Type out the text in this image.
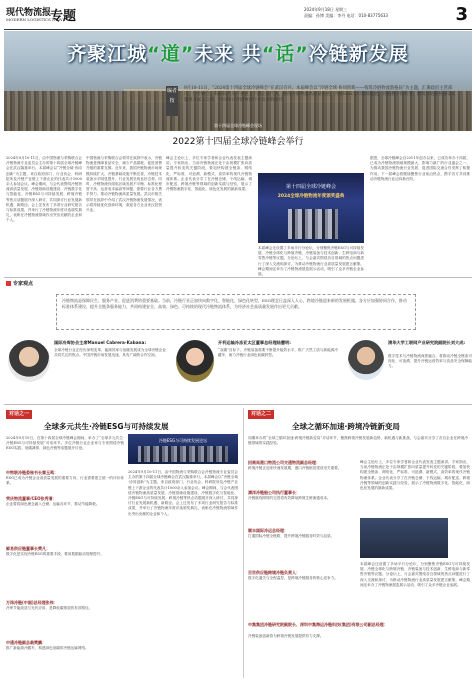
现代物流报
MODERN LOGISTICS NEWS
专题	2024年9月18日 星期三
责编：孙博 美编：李丹 电话：010-83775633	3
齐聚江城“道”未来 共“话”冷链新发展
第十四届全球冷链峰会现场
编者按
9月10-11日，“2024第十四届全球冷链峰会”在武汉召开。本届峰会以“冷链全域·协同创新——构筑冷链物流新格局”为主题，汇聚政府主管部门、行业协会、科研院所及产业链上下游企业代表，围绕冷链物流高质量发展、冷链ESG与可持续发展、冷链数字化转型、跨境冷链新机遇等议题展开深入交流，共同探讨冷链物流行业发展新路径。
2022第十四届全球冷链峰会举行
2024年9月10-11日，由中国物流与采购联合会冷链物流专业委员会主办的第十四届全球冷链峰会在武汉隆重举行。本届峰会以“冷链全域·协同创新”为主题，来自政府部门、行业协会、科研院所及冷链产业链上下游企业的代表共计1000余人参加会议。峰会期间，与会代表围绕冷链物流高质量发展、冷链基础设施建设、冷链数字化与智能化、冷链ESG与可持续发展、跨境冷链等热点话题展开深入研讨，共同探讨行业发展新机遇、新路径。会上还发布了多项行业研究报告与标准成果，并举行了冷链物流年度评选颁奖典礼，表彰在冷链物流领域作出突出贡献的企业和个人。
中国物流与采购联合会领导在致辞中表示，冷链物流是保障食品安全、减少产品损耗、促进消费升级的重要支撑。近年来，我国冷链物流市场规模持续扩大，冷链基础设施不断完善，冷链技术装备水平明显提升，行业发展呈现良好态势。同时，冷链物流仍面临区域发展不平衡、标准化程度不高、运营成本偏高等问题，需要行业各方携手努力，推动冷链物流高质量发展。武汉市相关领导在致辞中介绍了武汉冷链物流发展情况，表示将持续优化营商环境，欢迎各方企业来汉投资兴业。
峰会主论坛上，多位专家学者和企业代表发表主题演讲。专家指出，当前冷链物流正处于由规模扩张向质量提升转变的关键阶段，要加快构建全链条、网络化、严标准、可追溯、新模式、高效率的现代冷链物流体系。企业代表分享了在冷链仓储、干线运输、城市配送、跨境冷链等领域的创新实践与经验，展示了冷链物流数字化、智能化、绿色化发展的最新成果。	第十四届全球冷链峰会
2024全球冷链物流年度颁奖盛典
本届峰会还设置了多场平行分论坛，分别聚焦冷链ESG与可持续发展、冷链全球化与跨境冷链、冷链装备与技术创新、生鲜电商与新零售冷链等议题。分论坛上，与会嘉宾围绕各自领域的热点问题进行了深入交流和探讨，为推动冷链物流行业高质量发展建言献策。峰会期间还举办了冷链物流展览展示活动，吸引了众多冷链企业参展。
据悉，全球冷链峰会自2011年创办以来，已成功举办十四届，已成为冷链物流领域规模最大、影响力最广的行业盛会之一，为推动我国冷链物流行业发展、促进国际交流合作发挥了积极作用。下一届峰会将继续聚焦行业前沿热点，携手各方共同推动冷链物流行业迈向新台阶。
专家观点
冷链物流是保障民生、服务产业、促进消费的重要基础。当前，冷链行业正加快向数字化、智能化、绿色化转型，ESG理念日益深入人心，跨境冷链迎来新的发展机遇。各方应加强协同合作，推动标准体系建设，提升全链条服务能力，共同构建安全、高效、绿色、可持续的现代冷链物流体系，为经济社会高质量发展作出更大贡献。
国际冷库协会主席Manuel Cabrera-Kabana:
全球冷链行业正经历深刻变革，能源效率与低碳发展成为全球冷链企业共同关注的焦点。中国冷链市场发展迅速，具有广阔的合作空间。
开利运输冷冻亚太区董事总经理陆慧明:
“双碳”目标下，冷链装备需要不断提升能效水平，推广天然工质与新能源冷藏车，助力冷链行业绿色低碳转型。
清华大学工联网产业研究院副院长刘大成:
数字技术与冷链物流深度融合，将推动冷链全链条可视化、可追溯，提升冷链运营效率与食品安全保障能力。
对话之一
全球多元共生·冷链ESG与可持续发展
2024年9月10日，在第十四届全球冷链峰会期间，举办了“全球多元共生·冷链ESG与可持续发展”对话环节。多位冷链行业企业家与专家围绕冷链ESG实践、低碳减排、绿色冷链等话题展开讨论。
冷链ESG与可持续发展论坛
中物联冷链委秘书长秦玉鸣：
ESG已成为冷链企业高质量发展的重要方向，行业需要建立统一的评价体系。
荣庆物流董事/CEO张秀清：
企业要将绿色理念融入仓储、运输各环节，推动节能降耗。
鲜易供应链董事长樊凡：
数字化是实现冷链ESG的重要手段，要用数据驱动管理提升。
万纬冷链(中国)总经理张伟：
冷库节能改造与光伏应用，是降低碳排放的有效路径。
中通冷链副总裁樊鹏：
推广新能源冷藏车，构建绿色低碳的冷链运输网络。
2024年9月10-11日，由中国物流与采购联合会冷链物流专业委员会主办的第十四届全球冷链峰会在武汉隆重举行。本届峰会以“冷链全域·协同创新”为主题，来自政府部门、行业协会、科研院所及冷链产业链上下游企业的代表共计1000余人参加会议。峰会期间，与会代表围绕冷链物流高质量发展、冷链基础设施建设、冷链数字化与智能化、冷链ESG与可持续发展、跨境冷链等热点话题展开深入研讨，共同探讨行业发展新机遇、新路径。会上还发布了多项行业研究报告与标准成果，并举行了冷链物流年度评选颁奖典礼，表彰在冷链物流领域作出突出贡献的企业和个人。
对话之二
全球之循环加速·跨境冷链新变局
同期举办的“全球之循环加速·跨境冷链新变局”对话环节，聚焦跨境冷链发展新趋势、新机遇与新挑战，与会嘉宾分享了各自企业在跨境冷链领域的实践经验。
招商局港口物流公司交通物流副总经理：
跨境冷链正迎来快速发展期，港口冷链枢纽建设至关重要。
漂洋冷链船公司执行董事长：
冷链航线网络的完善将有效降低跨境生鲜流通成本。
顺丰国际冷运总经理：
打通国际冷链全链路，提升跨境冷链服务时效与品质。
百世供应链跨境冷链负责人：
数字化通关与全程温控，是跨境冷链服务的核心竞争力。
中集集团冷链研究院副院长、深圳中集海运冷链科技(集团)有限公司副总经理：
冷链装备创新将为跨境冷链发展提供有力支撑。
峰会主论坛上，多位专家学者和企业代表发表主题演讲。专家指出，当前冷链物流正处于由规模扩张向质量提升转变的关键阶段，要加快构建全链条、网络化、严标准、可追溯、新模式、高效率的现代冷链物流体系。企业代表分享了在冷链仓储、干线运输、城市配送、跨境冷链等领域的创新实践与经验，展示了冷链物流数字化、智能化、绿色化发展的最新成果。
本届峰会还设置了多场平行分论坛，分别聚焦冷链ESG与可持续发展、冷链全球化与跨境冷链、冷链装备与技术创新、生鲜电商与新零售冷链等议题。分论坛上，与会嘉宾围绕各自领域的热点问题进行了深入交流和探讨，为推动冷链物流行业高质量发展建言献策。峰会期间还举办了冷链物流展览展示活动，吸引了众多冷链企业参展。
